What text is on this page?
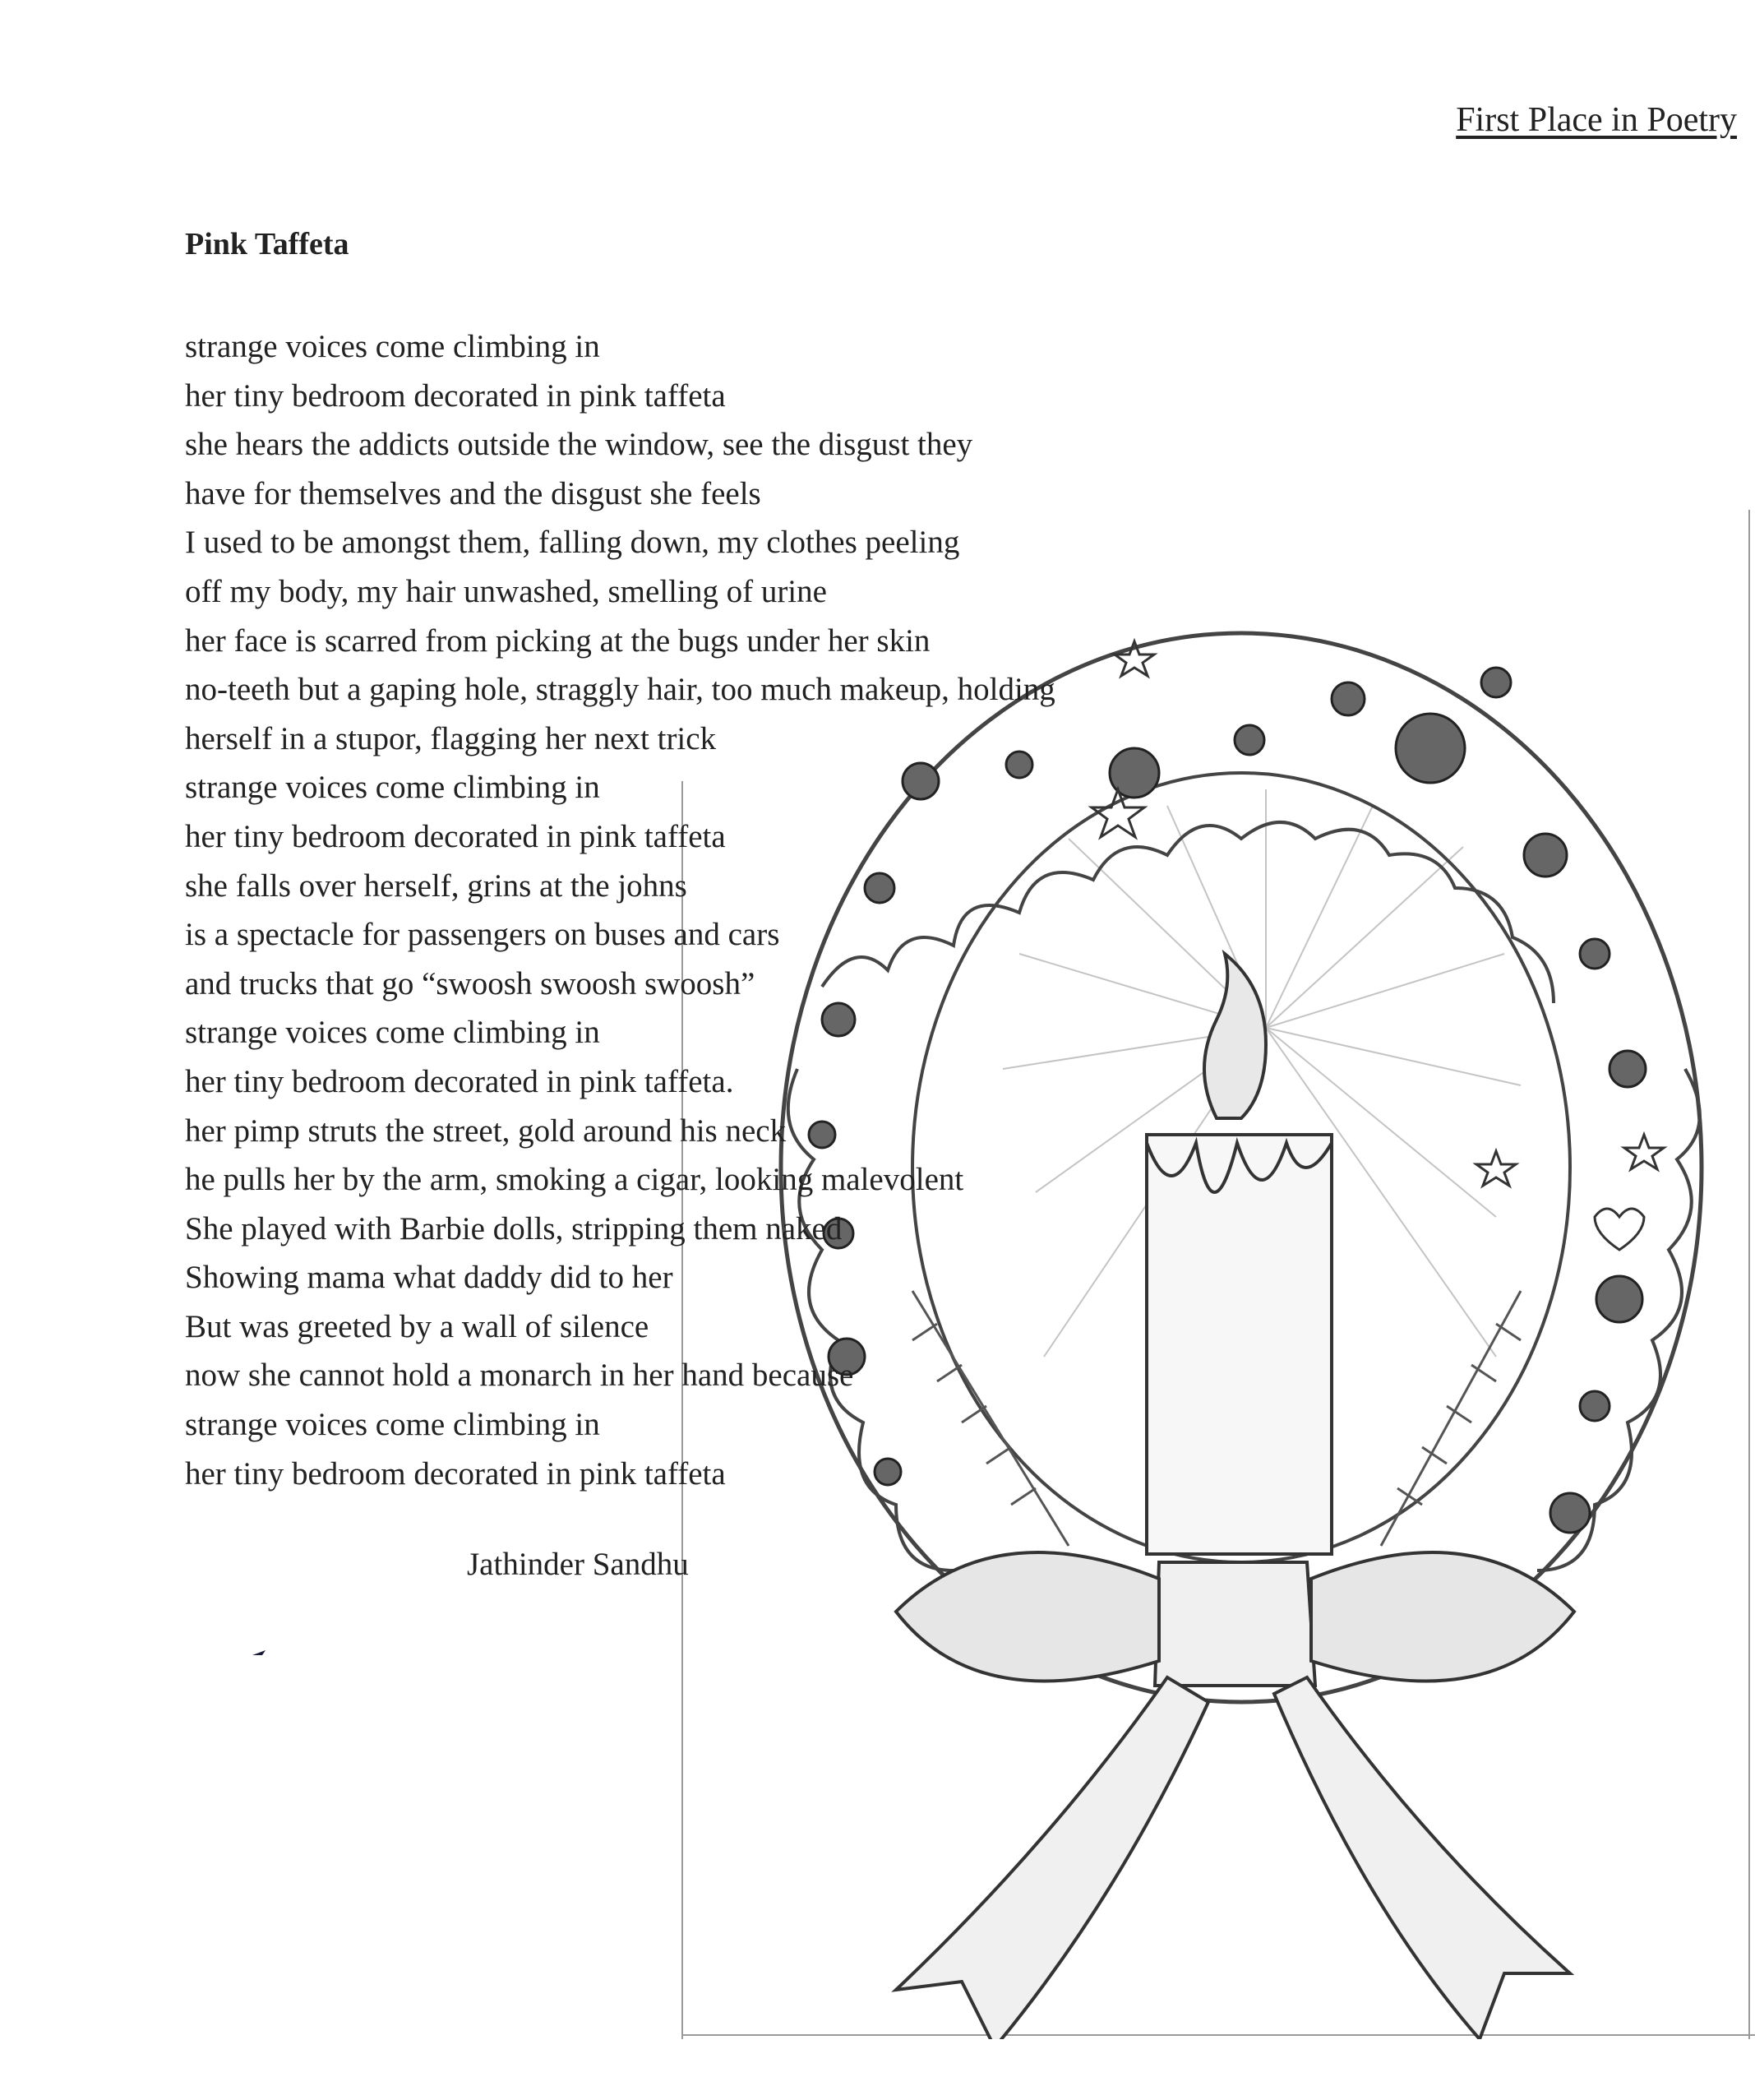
First Place in Poetry
Pink Taffeta
strange voices come climbing in
her tiny bedroom decorated in pink taffeta
she hears the addicts outside the window, see the disgust they
have for themselves and the disgust she feels
I used to be amongst them, falling down, my clothes peeling
off my body, my hair unwashed, smelling of urine
her face is scarred from picking at the bugs under her skin
no-teeth but a gaping hole, straggly hair, too much makeup, holding
herself in a stupor, flagging her next trick
strange voices come climbing in
her tiny bedroom decorated in pink taffeta
she falls over herself, grins at the johns
is a spectacle for passengers on buses and cars
and trucks that go “swoosh swoosh swoosh”
strange voices come climbing in
her tiny bedroom decorated in pink taffeta.
her pimp struts the street, gold around his neck
he pulls her by the arm, smoking a cigar, looking malevolent
She played with Barbie dolls, stripping them naked
Showing mama what daddy did to her
But was greeted by a wall of silence
now she cannot hold a monarch in her hand because
strange voices come climbing in
her tiny bedroom decorated in pink taffeta
Jathinder Sandhu
